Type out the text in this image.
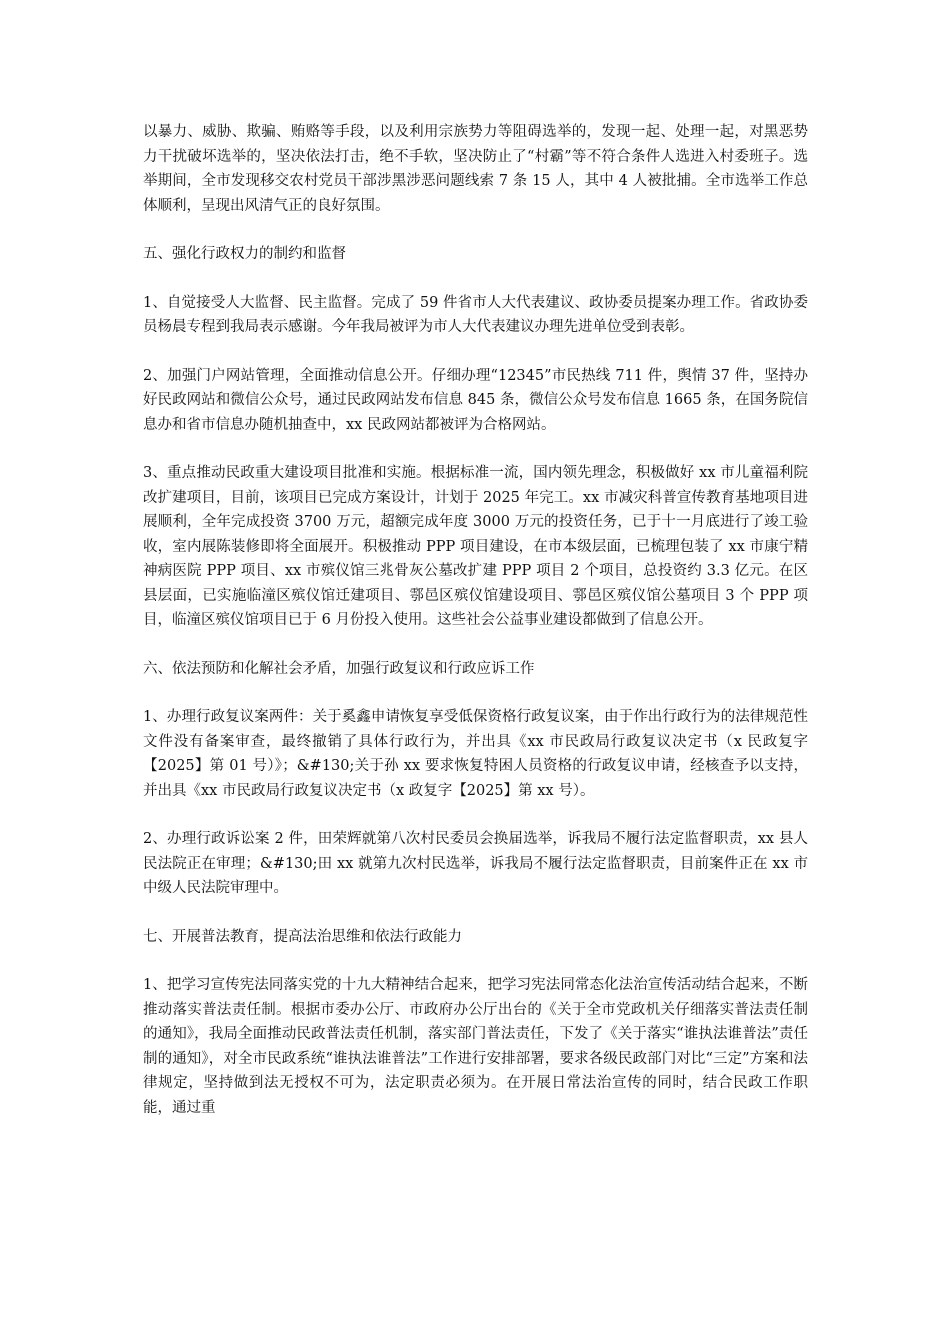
以暴力、威胁、欺骗、贿赂等手段，以及利用宗族势力等阻碍选举的，发现一起、处理一起，对黑恶势力干扰破坏选举的，坚决依法打击，绝不手软，坚决防止了“村霸”等不符合条件人选进入村委班子。选举期间，全市发现移交农村党员干部涉黑涉恶问题线索 7 条 15 人，其中 4 人被批捕。全市选举工作总体顺利，呈现出风清气正的良好氛围。

五、强化行政权力的制约和监督

1、自觉接受人大监督、民主监督。完成了 59 件省市人大代表建议、政协委员提案办理工作。省政协委员杨晨专程到我局表示感谢。今年我局被评为市人大代表建议办理先进单位受到表彰。

2、加强门户网站管理，全面推动信息公开。仔细办理“12345”市民热线 711 件，舆情 37 件，坚持办好民政网站和微信公众号，通过民政网站发布信息 845 条，微信公众号发布信息 1665 条，在国务院信息办和省市信息办随机抽查中，xx 民政网站都被评为合格网站。

3、重点推动民政重大建设项目批准和实施。根据标准一流，国内领先理念，积极做好 xx 市儿童福利院改扩建项目，目前，该项目已完成方案设计，计划于 2025 年完工。xx 市减灾科普宣传教育基地项目进展顺利，全年完成投资 3700 万元，超额完成年度 3000 万元的投资任务，已于十一月底进行了竣工验收，室内展陈装修即将全面展开。积极推动 PPP 项目建设，在市本级层面，已梳理包装了 xx 市康宁精神病医院 PPP 项目、xx 市殡仪馆三兆骨灰公墓改扩建 PPP 项目 2 个项目，总投资约 3.3 亿元。在区县层面，已实施临潼区殡仪馆迁建项目、鄠邑区殡仪馆建设项目、鄠邑区殡仪馆公墓项目 3 个 PPP 项目，临潼区殡仪馆项目已于 6 月份投入使用。这些社会公益事业建设都做到了信息公开。

六、依法预防和化解社会矛盾，加强行政复议和行政应诉工作

1、办理行政复议案两件：关于奚鑫申请恢复享受低保资格行政复议案，由于作出行政行为的法律规范性文件没有备案审查，最终撤销了具体行政行为，并出具《xx 市民政局行政复议决定书（x 民政复字【2025】第 01 号）》；&#130;关于孙 xx 要求恢复特困人员资格的行政复议申请，经核查予以支持，并出具《xx 市民政局行政复议决定书（x 政复字【2025】第 xx 号）。

2、办理行政诉讼案 2 件，田荣辉就第八次村民委员会换届选举，诉我局不履行法定监督职责，xx 县人民法院正在审理；&#130;田 xx 就第九次村民选举，诉我局不履行法定监督职责，目前案件正在 xx 市中级人民法院审理中。

七、开展普法教育，提高法治思维和依法行政能力

1、把学习宣传宪法同落实党的十九大精神结合起来，把学习宪法同常态化法治宣传活动结合起来，不断推动落实普法责任制。根据市委办公厅、市政府办公厅出台的《关于全市党政机关仔细落实普法责任制的通知》，我局全面推动民政普法责任机制，落实部门普法责任，下发了《关于落实“谁执法谁普法”责任制的通知》，对全市民政系统“谁执法谁普法”工作进行安排部署，要求各级民政部门对比“三定”方案和法律规定，坚持做到法无授权不可为，法定职责必须为。在开展日常法治宣传的同时，结合民政工作职能，通过重
